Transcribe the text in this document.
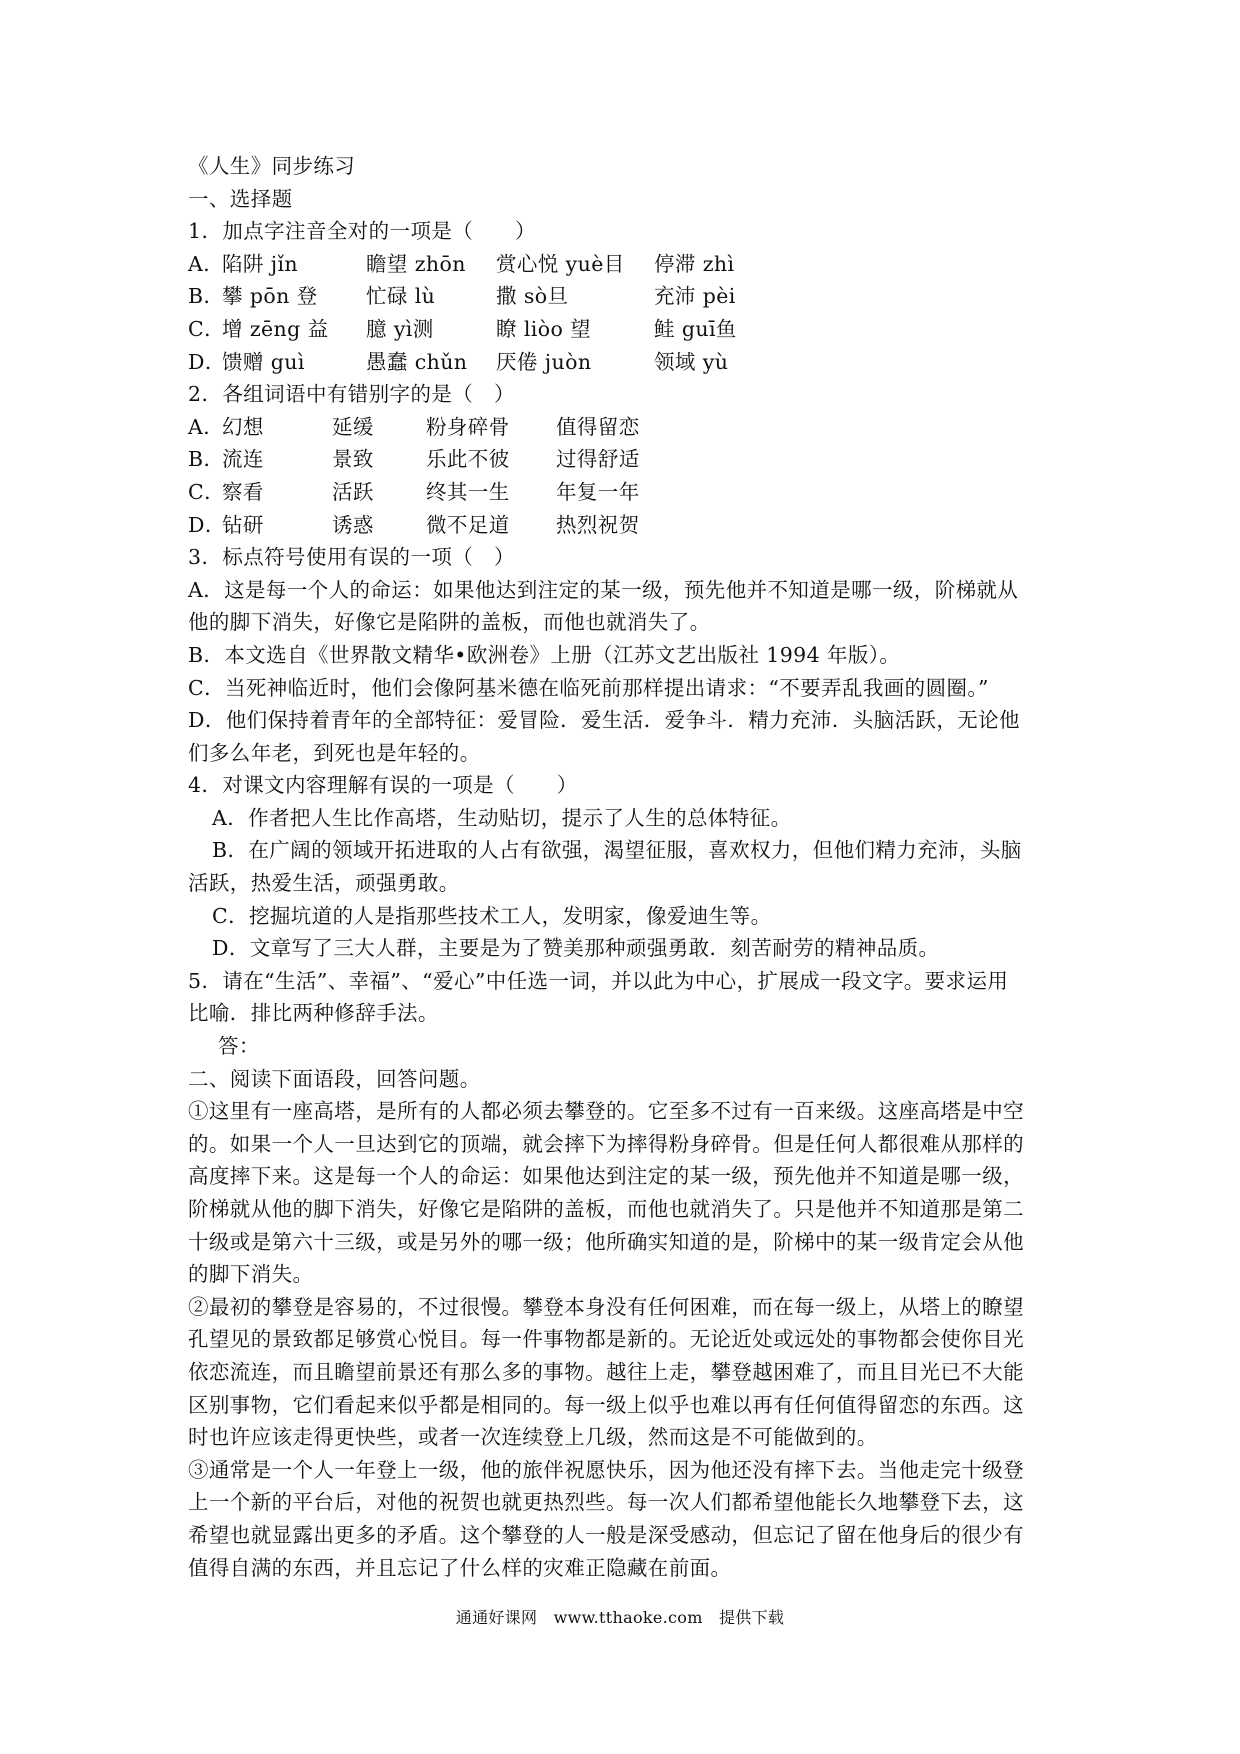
《人生》同步练习
一、选择题
1．加点字注音全对的一项是（　　）
A．
陷阱 jǐn	瞻望 zhōn	赏心悦 yuè目	停滞 zhì
B．
攀 pōn 登	忙碌 lù	撒 sò旦	充沛 pèi
C．
增 zēng 益	臆 yì测	瞭 liòo 望	鲑 guī鱼
D．
馈赠 guì	愚蠢 chǔn	厌倦 juòn	领域 yù
2．各组词语中有错别字的是（　）
A．
幻想	延缓	粉身碎骨	值得留恋
B．
流连	景致	乐此不彼	过得舒适
C．
察看	活跃	终其一生	年复一年
D．
钻研	诱惑	微不足道	热烈祝贺
3．标点符号使用有误的一项（　）
A．这是每一个人的命运：如果他达到注定的某一级，预先他并不知道是哪一级，阶梯就从
他的脚下消失，好像它是陷阱的盖板，而他也就消失了。
B．本文选自《世界散文精华•欧洲卷》上册（江苏文艺出版社 1994 年版）。
C．当死神临近时，他们会像阿基米德在临死前那样提出请求：“不要弄乱我画的圆圈。”
D．他们保持着青年的全部特征：爱冒险．爱生活．爱争斗．精力充沛．头脑活跃，无论他
们多么年老，到死也是年轻的。
4．对课文内容理解有误的一项是（　　）
A．作者把人生比作高塔，生动贴切，提示了人生的总体特征。
B．在广阔的领域开拓进取的人占有欲强，渴望征服，喜欢权力，但他们精力充沛，头脑
活跃，热爱生活，顽强勇敢。
C．挖掘坑道的人是指那些技术工人，发明家，像爱迪生等。
D．文章写了三大人群，主要是为了赞美那种顽强勇敢．刻苦耐劳的精神品质。
5．请在“生活”、幸福”、“爱心”中任选一词，并以此为中心，扩展成一段文字。要求运用
比喻．排比两种修辞手法。
答：
二、阅读下面语段，回答问题。
①这里有一座高塔，是所有的人都必须去攀登的。它至多不过有一百来级。这座高塔是中空
的。如果一个人一旦达到它的顶端，就会摔下为摔得粉身碎骨。但是任何人都很难从那样的
高度摔下来。这是每一个人的命运：如果他达到注定的某一级，预先他并不知道是哪一级，
阶梯就从他的脚下消失，好像它是陷阱的盖板，而他也就消失了。只是他并不知道那是第二
十级或是第六十三级，或是另外的哪一级；他所确实知道的是，阶梯中的某一级肯定会从他
的脚下消失。
②最初的攀登是容易的，不过很慢。攀登本身没有任何困难，而在每一级上，从塔上的瞭望
孔望见的景致都足够赏心悦目。每一件事物都是新的。无论近处或远处的事物都会使你目光
依恋流连，而且瞻望前景还有那么多的事物。越往上走，攀登越困难了，而且目光已不大能
区别事物，它们看起来似乎都是相同的。每一级上似乎也难以再有任何值得留恋的东西。这
时也许应该走得更快些，或者一次连续登上几级，然而这是不可能做到的。
③通常是一个人一年登上一级，他的旅伴祝愿快乐，因为他还没有摔下去。当他走完十级登
上一个新的平台后，对他的祝贺也就更热烈些。每一次人们都希望他能长久地攀登下去，这
希望也就显露出更多的矛盾。这个攀登的人一般是深受感动，但忘记了留在他身后的很少有
值得自满的东西，并且忘记了什么样的灾难正隐藏在前面。
通通好课网　www.tthaoke.com　提供下载
